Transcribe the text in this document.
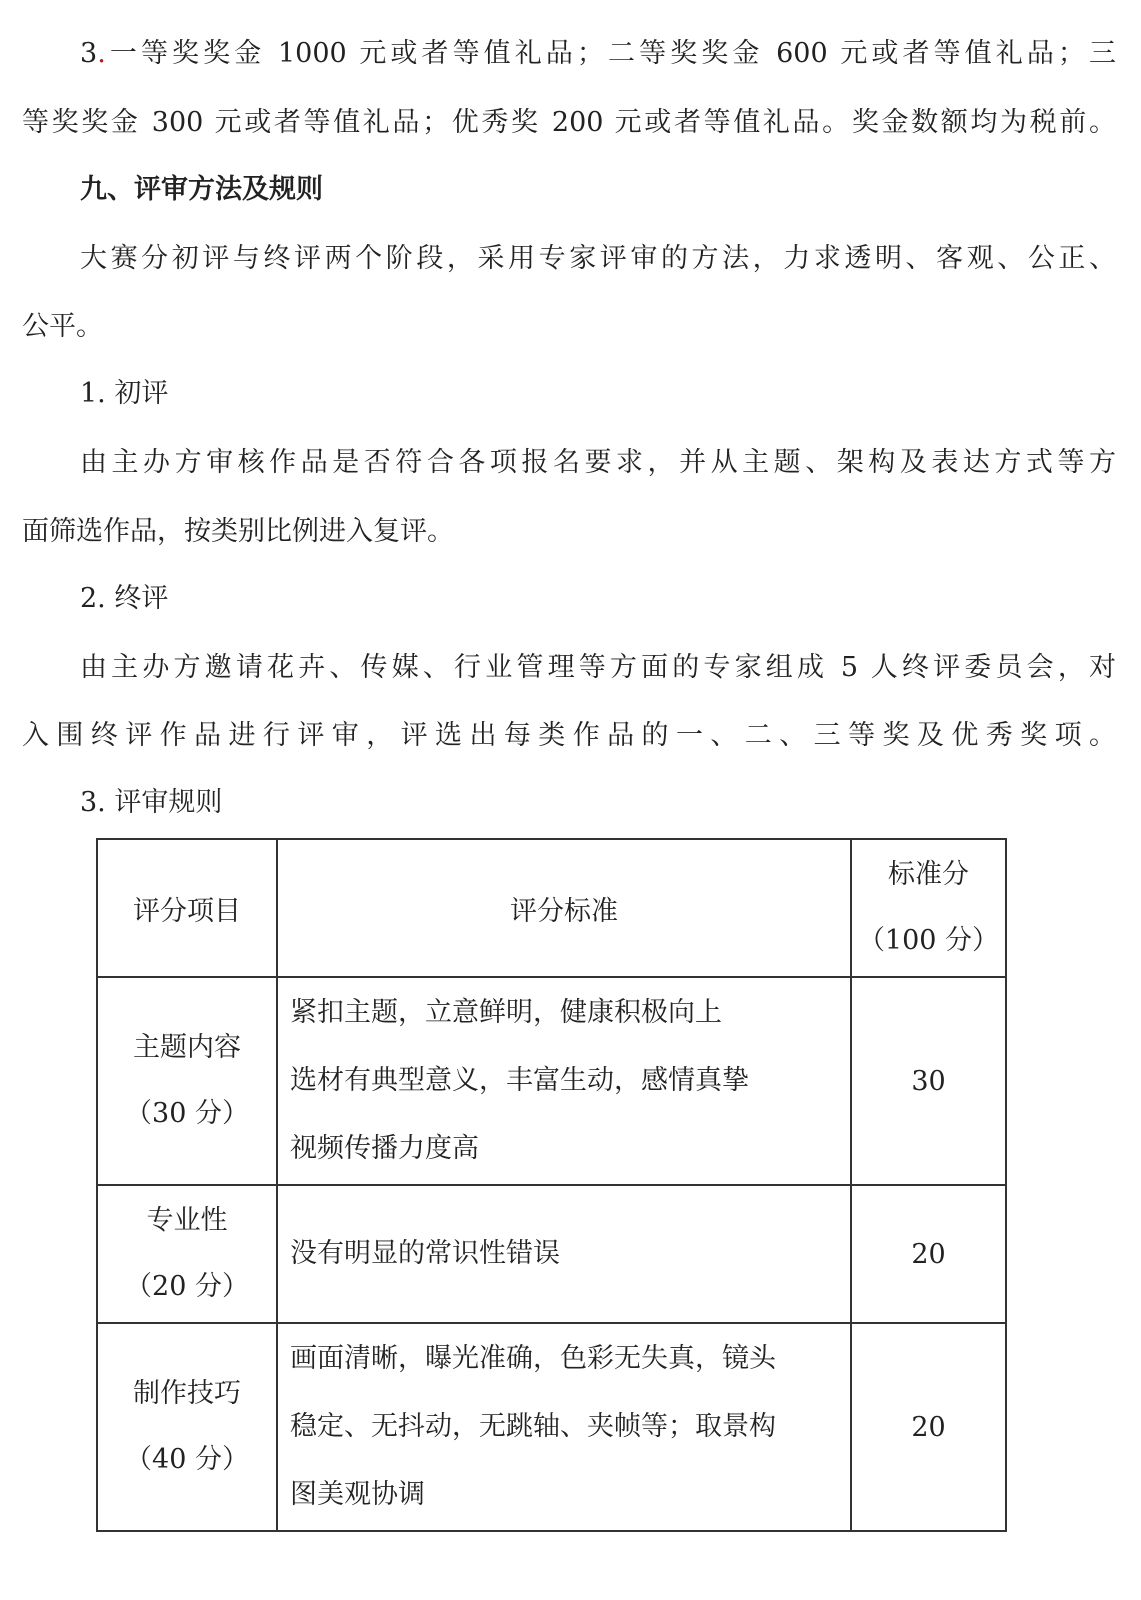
3.一等奖奖金 1000 元或者等值礼品；二等奖奖金 600 元或者等值礼品；三

等奖奖金 300 元或者等值礼品；优秀奖 200 元或者等值礼品。奖金数额均为税前。

九、评审方法及规则

大赛分初评与终评两个阶段，采用专家评审的方法，力求透明、客观、公正、

公平。

1. 初评

由主办方审核作品是否符合各项报名要求，并从主题、架构及表达方式等方

面筛选作品，按类别比例进入复评。

2. 终评

由主办方邀请花卉、传媒、行业管理等方面的专家组成 5 人终评委员会，对

入围终评作品进行评审，评选出每类作品的一、二、三等奖及优秀奖项。

3. 评审规则

评分项目	评分标准	标准分
（100 分）

主题内容
（30 分）	紧扣主题，立意鲜明，健康积极向上
选材有典型意义，丰富生动，感情真挚
视频传播力度高	30

专业性
（20 分）	没有明显的常识性错误	20

制作技巧
（40 分）	画面清晰，曝光准确，色彩无失真，镜头
稳定、无抖动，无跳轴、夹帧等；取景构
图美观协调	20
